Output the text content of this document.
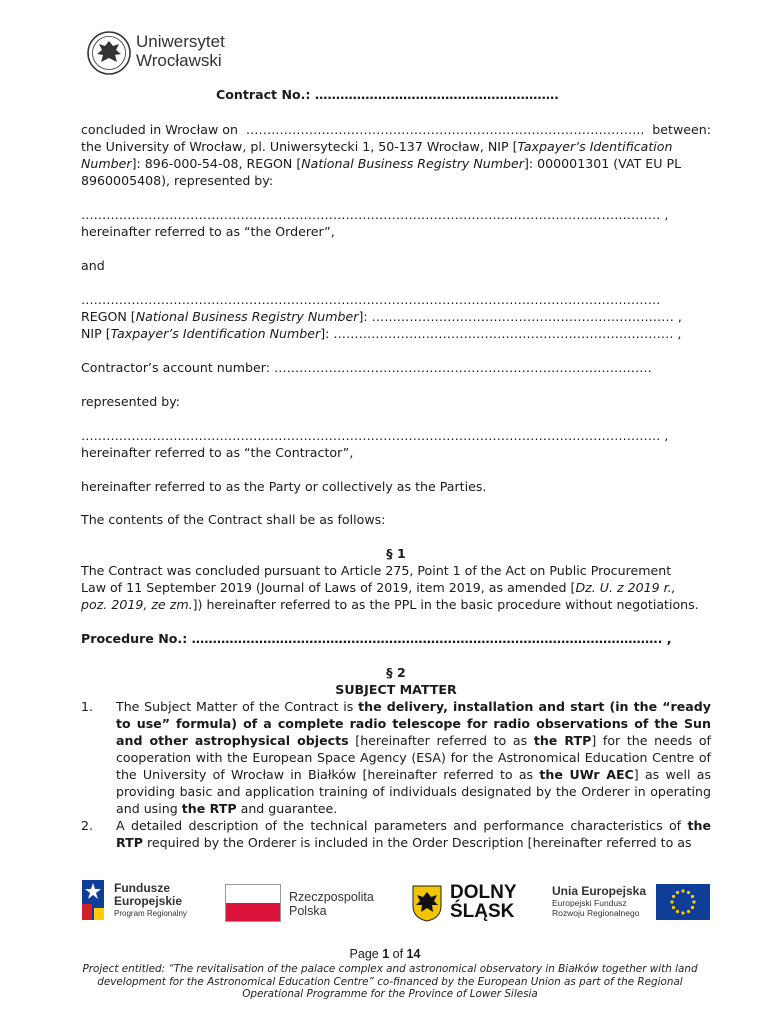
Uniwersytet
Wrocławski
Contract No.: ………………………………………………….
concluded in Wrocław on ………………………………………………………………………………….. between:
the University of Wrocław, pl. Uniwersytecki 1, 50-137 Wrocław, NIP [Taxpayer’s Identification
Number]: 896-000-54-08, REGON [National Business Registry Number]: 000001301 (VAT EU PL
8960005408), represented by:
………………………………………………………………………………………………………………………… ,
hereinafter referred to as “the Orderer”,
and
…………………………………………………………………………………………………………………………
REGON [National Business Registry Number]: ……………………………………………………………… ,
NIP [Taxpayer’s Identification Number]: ……………………………………………………………………… ,
Contractor’s account number: ………………………………………………………………………………
represented by:
………………………………………………………………………………………………………………………… ,
hereinafter referred to as “the Contractor”,
hereinafter referred to as the Party or collectively as the Parties.
The contents of the Contract shall be as follows:
§ 1
The Contract was concluded pursuant to Article 275, Point 1 of the Act on Public Procurement
Law of 11 September 2019 (Journal of Laws of 2019, item 2019, as amended [Dz. U. z 2019 r.,
poz. 2019, ze zm.]) hereinafter referred to as the PPL in the basic procedure without negotiations.
Procedure No.: …………………………………………………………………………………………………. ,
§ 2
SUBJECT MATTER
1. The Subject Matter of the Contract is the delivery, installation and start (in the “ready to use” formula) of a complete radio telescope for radio observations of the Sun and other astrophysical objects [hereinafter referred to as the RTP] for the needs of cooperation with the European Space Agency (ESA) for the Astronomical Education Centre of the University of Wrocław in Białków [hereinafter referred to as the UWr AEC] as well as providing basic and application training of individuals designated by the Orderer in operating and using the RTP and guarantee.
2. A detailed description of the technical parameters and performance characteristics of the RTP required by the Orderer is included in the Order Description [hereinafter referred to as
Fundusze
Europejskie
Program Regionalny
Rzeczpospolita
Polska
DOLNY
ŚLĄSK
Unia Europejska
Europejski Fundusz
Rozwoju Regionalnego
Page 1 of 14
Project entitled: “The revitalisation of the palace complex and astronomical observatory in Białków together with land development for the Astronomical Education Centre” co-financed by the European Union as part of the Regional Operational Programme for the Province of Lower Silesia
